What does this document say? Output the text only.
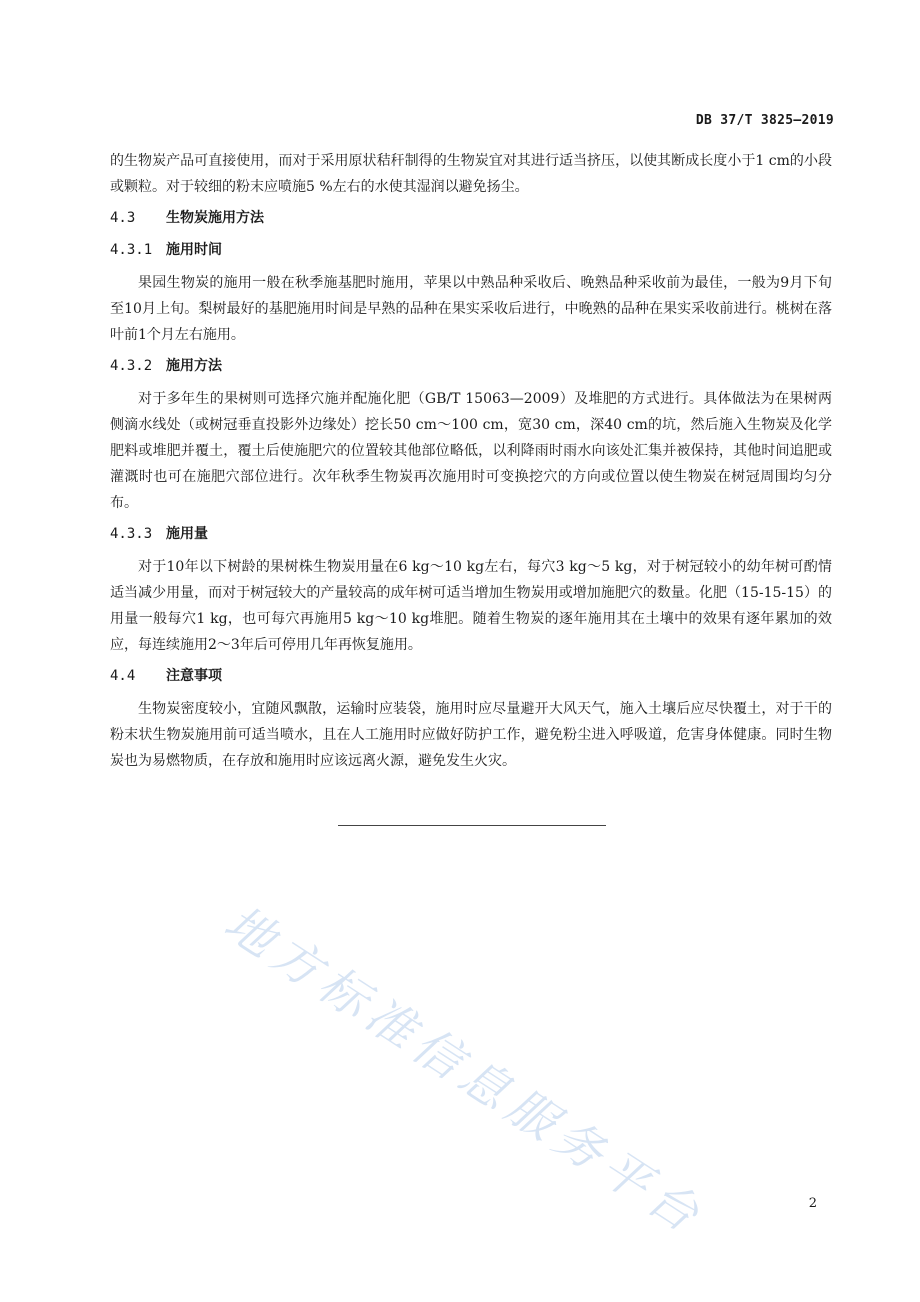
DB 37/T 3825—2019

的生物炭产品可直接使用，而对于采用原状秸秆制得的生物炭宜对其进行适当挤压，以使其断成长度小于1 cm的小段或颗粒。对于较细的粉末应喷施5 %左右的水使其湿润以避免扬尘。

4.3	生物炭施用方法
4.3.1 施用时间

果园生物炭的施用一般在秋季施基肥时施用，苹果以中熟品种采收后、晚熟品种采收前为最佳，一般为9月下旬至10月上旬。梨树最好的基肥施用时间是早熟的品种在果实采收后进行，中晚熟的品种在果实采收前进行。桃树在落叶前1个月左右施用。

4.3.2 施用方法

对于多年生的果树则可选择穴施并配施化肥（GB/T 15063—2009）及堆肥的方式进行。具体做法为在果树两侧滴水线处（或树冠垂直投影外边缘处）挖长50 cm～100 cm，宽30 cm，深40 cm的坑，然后施入生物炭及化学肥料或堆肥并覆土，覆土后使施肥穴的位置较其他部位略低，以利降雨时雨水向该处汇集并被保持，其他时间追肥或灌溉时也可在施肥穴部位进行。次年秋季生物炭再次施用时可变换挖穴的方向或位置以使生物炭在树冠周围均匀分布。

4.3.3 施用量

对于10年以下树龄的果树株生物炭用量在6 kg～10 kg左右，每穴3 kg～5 kg，对于树冠较小的幼年树可酌情适当减少用量，而对于树冠较大的产量较高的成年树可适当增加生物炭用或增加施肥穴的数量。化肥（15-15-15）的用量一般每穴1 kg，也可每穴再施用5 kg～10 kg堆肥。随着生物炭的逐年施用其在土壤中的效果有逐年累加的效应，每连续施用2～3年后可停用几年再恢复施用。

4.4	注意事项

生物炭密度较小，宜随风飘散，运输时应装袋，施用时应尽量避开大风天气，施入土壤后应尽快覆土，对于干的粉末状生物炭施用前可适当喷水，且在人工施用时应做好防护工作，避免粉尘进入呼吸道，危害身体健康。同时生物炭也为易燃物质，在存放和施用时应该远离火源，避免发生火灾。

地方标准信息服务平台	2
